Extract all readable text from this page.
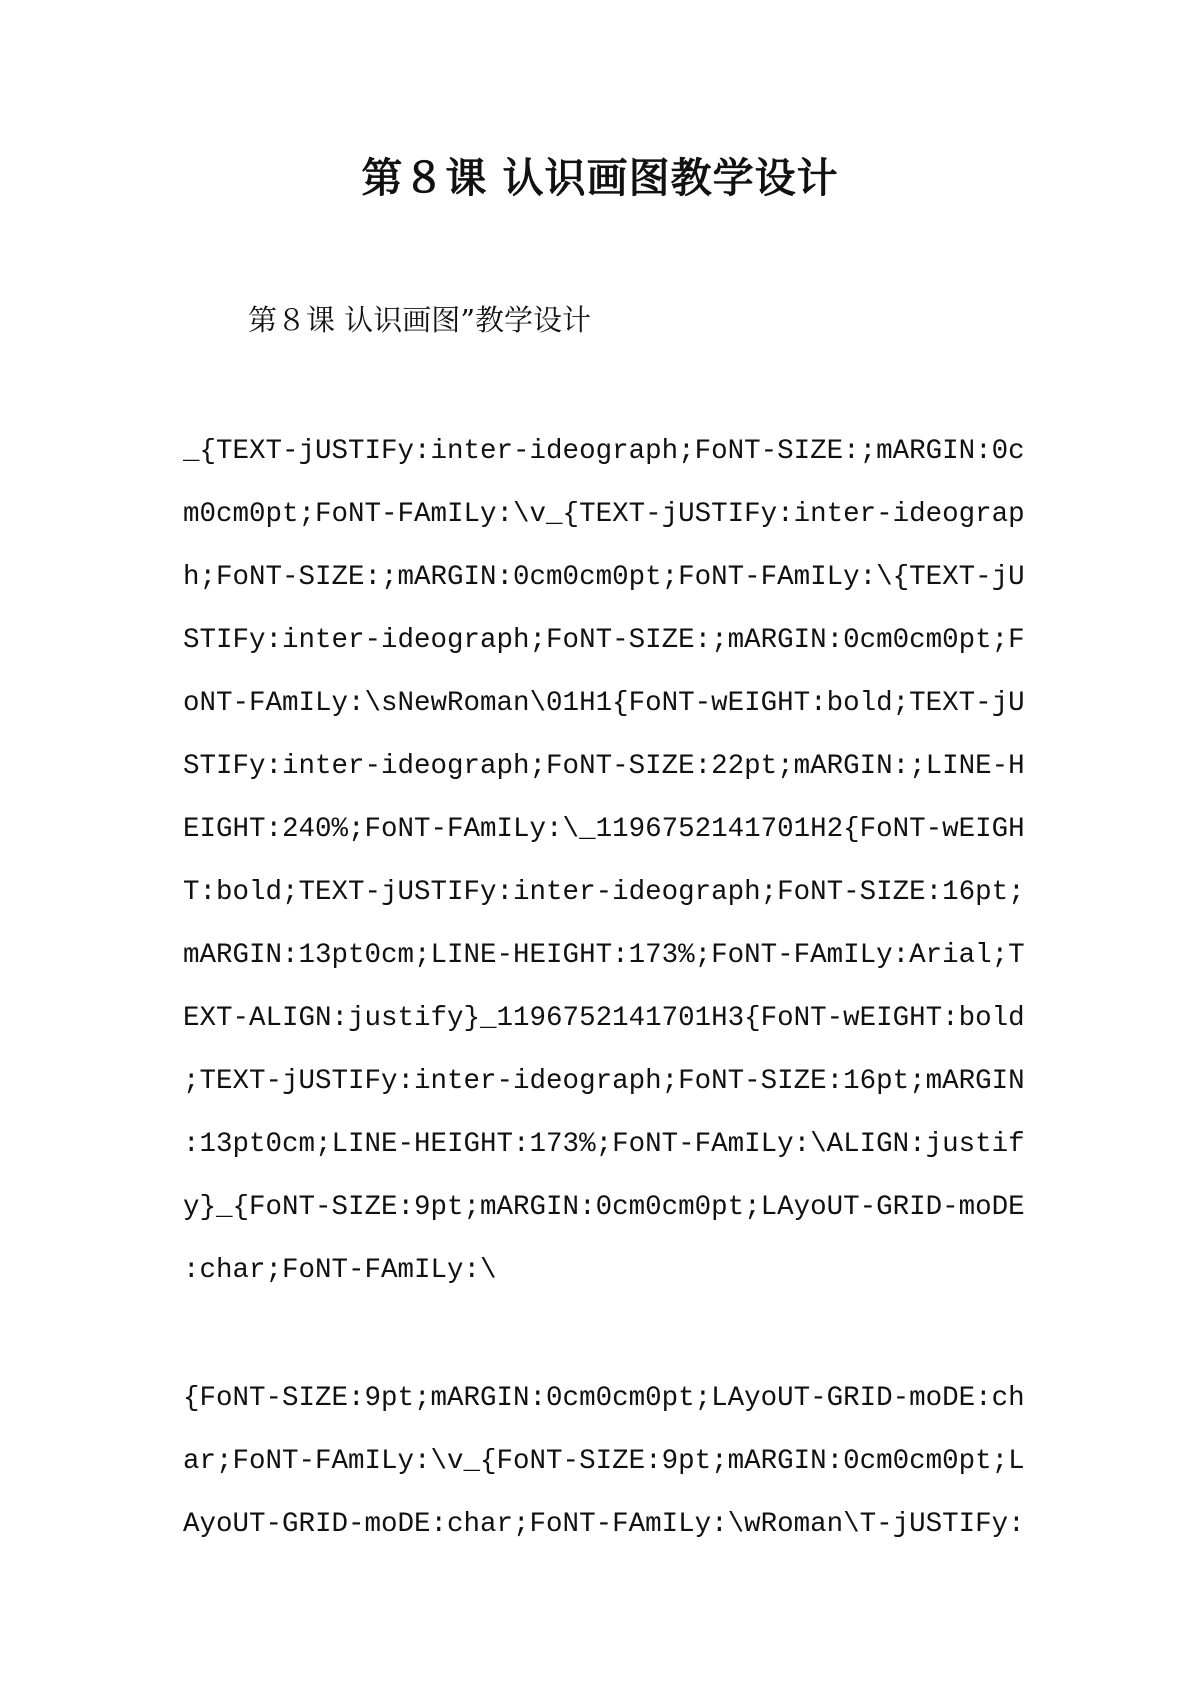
第８课 认识画图教学设计

第８课 认识画图”教学设计

_{TEXT-jUSTIFy:inter-ideograph;FoNT-SIZE:;mARGIN:0c
m0cm0pt;FoNT-FAmILy:\v_{TEXT-jUSTIFy:inter-ideograp
h;FoNT-SIZE:;mARGIN:0cm0cm0pt;FoNT-FAmILy:\{TEXT-jU
STIFy:inter-ideograph;FoNT-SIZE:;mARGIN:0cm0cm0pt;F
oNT-FAmILy:\sNewRoman\01H1{FoNT-wEIGHT:bold;TEXT-jU
STIFy:inter-ideograph;FoNT-SIZE:22pt;mARGIN:;LINE-H
EIGHT:240%;FoNT-FAmILy:\_1196752141701H2{FoNT-wEIGH
T:bold;TEXT-jUSTIFy:inter-ideograph;FoNT-SIZE:16pt;
mARGIN:13pt0cm;LINE-HEIGHT:173%;FoNT-FAmILy:Arial;T
EXT-ALIGN:justify}_1196752141701H3{FoNT-wEIGHT:bold
;TEXT-jUSTIFy:inter-ideograph;FoNT-SIZE:16pt;mARGIN
:13pt0cm;LINE-HEIGHT:173%;FoNT-FAmILy:\ALIGN:justif
y}_{FoNT-SIZE:9pt;mARGIN:0cm0cm0pt;LAyoUT-GRID-moDE
:char;FoNT-FAmILy:\
{FoNT-SIZE:9pt;mARGIN:0cm0cm0pt;LAyoUT-GRID-moDE:ch
ar;FoNT-FAmILy:\v_{FoNT-SIZE:9pt;mARGIN:0cm0cm0pt;L
AyoUT-GRID-moDE:char;FoNT-FAmILy:\wRoman\T-jUSTIFy:
